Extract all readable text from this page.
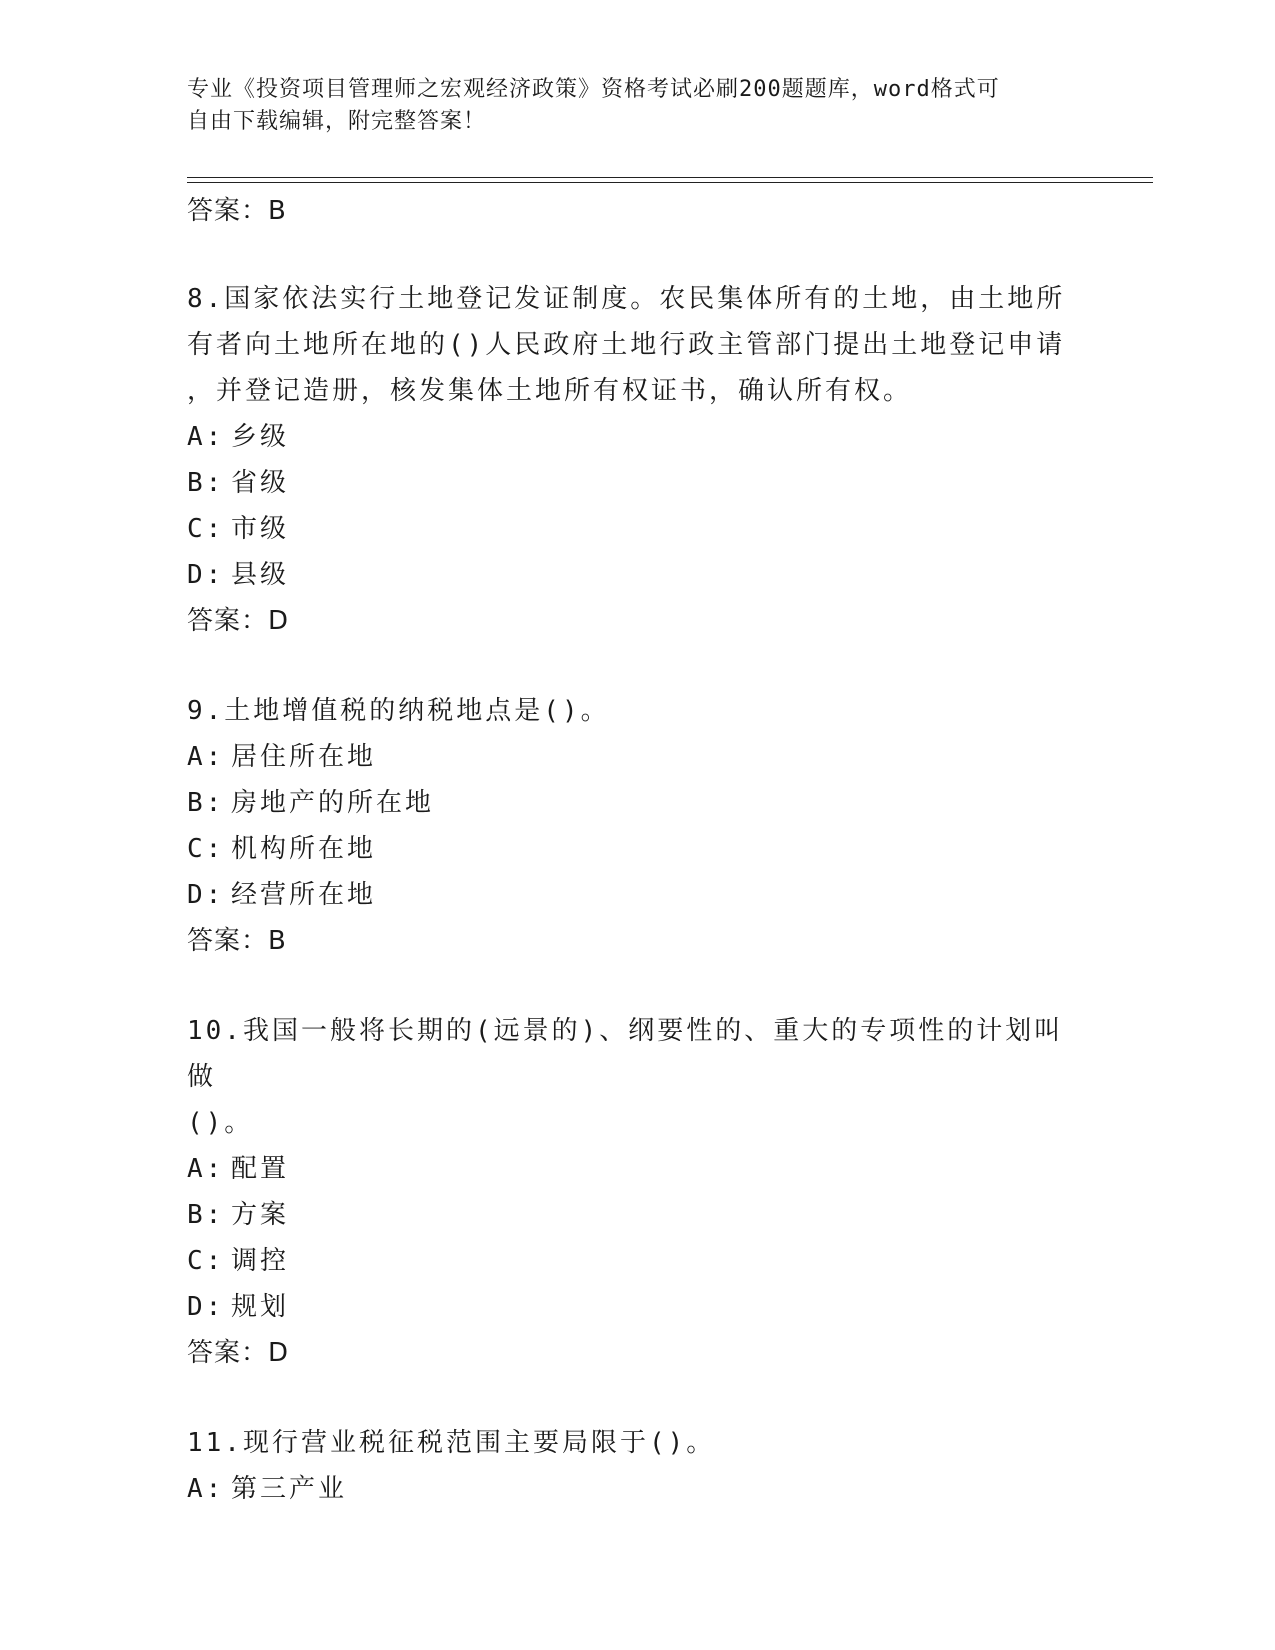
专业《投资项目管理师之宏观经济政策》资格考试必刷200题题库，word格式可
自由下载编辑，附完整答案！
答案：B
8.国家依法实行土地登记发证制度。农民集体所有的土地，由土地所
有者向土地所在地的()人民政府土地行政主管部门提出土地登记申请
，并登记造册，核发集体土地所有权证书，确认所有权。
A: 乡级
B: 省级
C: 市级
D: 县级
答案：D
9.土地增值税的纳税地点是()。
A: 居住所在地
B: 房地产的所在地
C: 机构所在地
D: 经营所在地
答案：B
10.我国一般将长期的(远景的)、纲要性的、重大的专项性的计划叫做
()。
A: 配置
B: 方案
C: 调控
D: 规划
答案：D
11.现行营业税征税范围主要局限于()。
A: 第三产业
